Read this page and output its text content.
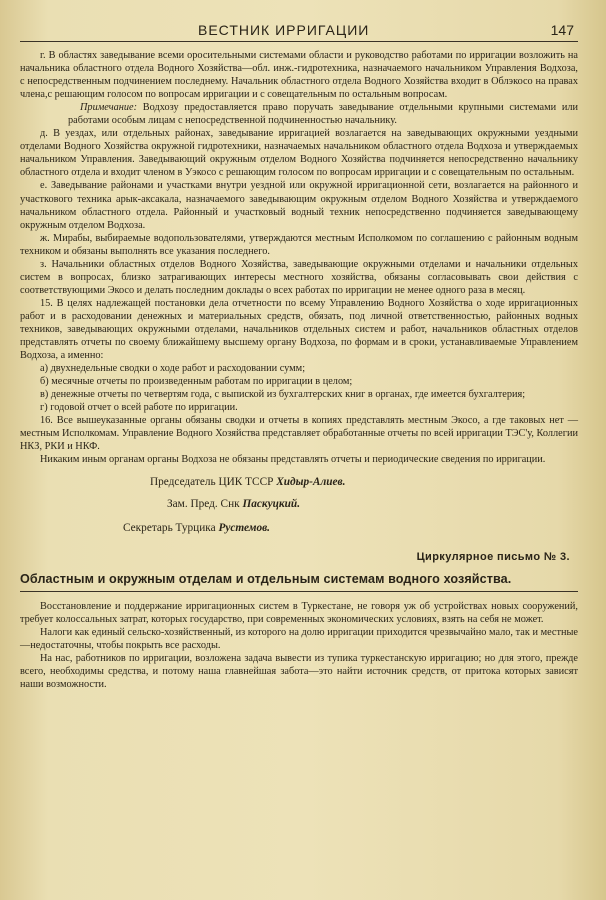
ВЕСТНИК ИРРИГАЦИИ	147

г. В областях заведывание всеми оросительными системами области и руководство работами по ирригации возложить на начальника областного отдела Водного Хозяйства—обл. инж.-гидротехника, назначаемого начальником Управления Водхоза, с непосредственным подчинением последнему. Начальник областного отдела Водного Хозяйства входит в Облэкосо на правах члена,с решающим голосом по вопросам ирригации и с совещательным по остальным вопросам.

Примечание: Водхозу предоставляется право поручать заведывание отдельными крупными системами или работами особым лицам с непосредственной подчиненностью начальнику.

д. В уездах, или отдельных районах, заведывание ирригацией возлагается на заведывающих окружными уездными отделами Водного Хозяйства окружной гидротехники, назначаемых начальником областного отдела Водхоза и утверждаемых начальником Управления. Заведывающий окружным отделом Водного Хозяйства подчиняется непосредственно начальнику областного отдела и входит членом в Уэкосо с решающим голосом по вопросам ирригации и с совещательным по остальным.

е. Заведывание районами и участками внутри уездной или окружной ирригационной сети, возлагается на районного и участкового техника арык-аксакала, назначаемого заведывающим окружным отделом Водного Хозяйства и утверждаемого начальником областного отдела. Районный и участковый водный техник непосредственно подчиняется заведывающему окружным отделом Водхоза.

ж. Мирабы, выбираемые водопользователями, утверждаются местным Исполкомом по соглашению с районным водным техником и обязаны выполнять все указания последнего.

з. Начальники областных отделов Водного Хозяйства, заведывающие окружными отделами и начальники отдельных систем в вопросах, близко затрагивающих интересы местного хозяйства, обязаны согласовывать свои действия с соответствующими Экосо и делать последним доклады о всех работах по ирригации не менее одного раза в месяц.

15. В целях надлежащей постановки дела отчетности по всему Управлению Водного Хозяйства о ходе ирригационных работ и в расходовании денежных и материальных средств, обязать, под личной ответственностью, районных водных техников, заведывающих окружными отделами, начальников отдельных систем и работ, начальников областных отделов представлять отчеты по своему ближайшему высшему органу Водхоза, по формам и в сроки, устанавливаемые Управлением Водхоза, а именно:

а) двухнедельные сводки о ходе работ и расходовании сумм;

б) месячные отчеты по произведенным работам по ирригации в целом;

в) денежные отчеты по четвертям года, с выпиской из бухгалтерских книг в органах, где имеется бухгалтерия;

г) годовой отчет о всей работе по ирригации.

16. Все вышеуказанные органы обязаны сводки и отчеты в копиях представлять местным Экосо, а где таковых нет —местным Исполкомам. Управление Водного Хозяйства представляет обработанные отчеты по всей ирригации ТЭС'у, Коллегии НКЗ, РКИ и НКФ.

Никаким иным органам органы Водхоза не обязаны представлять отчеты и периодические сведения по ирригации.

Председатель ЦИК ТССР Хидыр-Алиев.

Зам. Пред. Снк Паскуцкий.

Секретарь Турцика Рустемов.

Циркулярное письмо № 3.
Областным и окружным отделам и отдельным системам водного хозяйства.

Восстановление и поддержание ирригационных систем в Туркестане, не говоря уж об устройствах новых сооружений, требует колоссальных затрат, которых государство, при современных экономических условиях, взять на себя не может.

Налоги как единый сельско-хозяйственный, из которого на долю ирригации приходится чрезвычайно мало, так и местные—недостаточны, чтобы покрыть все расходы.

На нас, работников по ирригации, возложена задача вывести из тупика туркестанскую ирригацию; но для этого, прежде всего, необходимы средства, и потому наша главнейшая забота—это найти источник средств, от притока которых зависят наши возможности.
